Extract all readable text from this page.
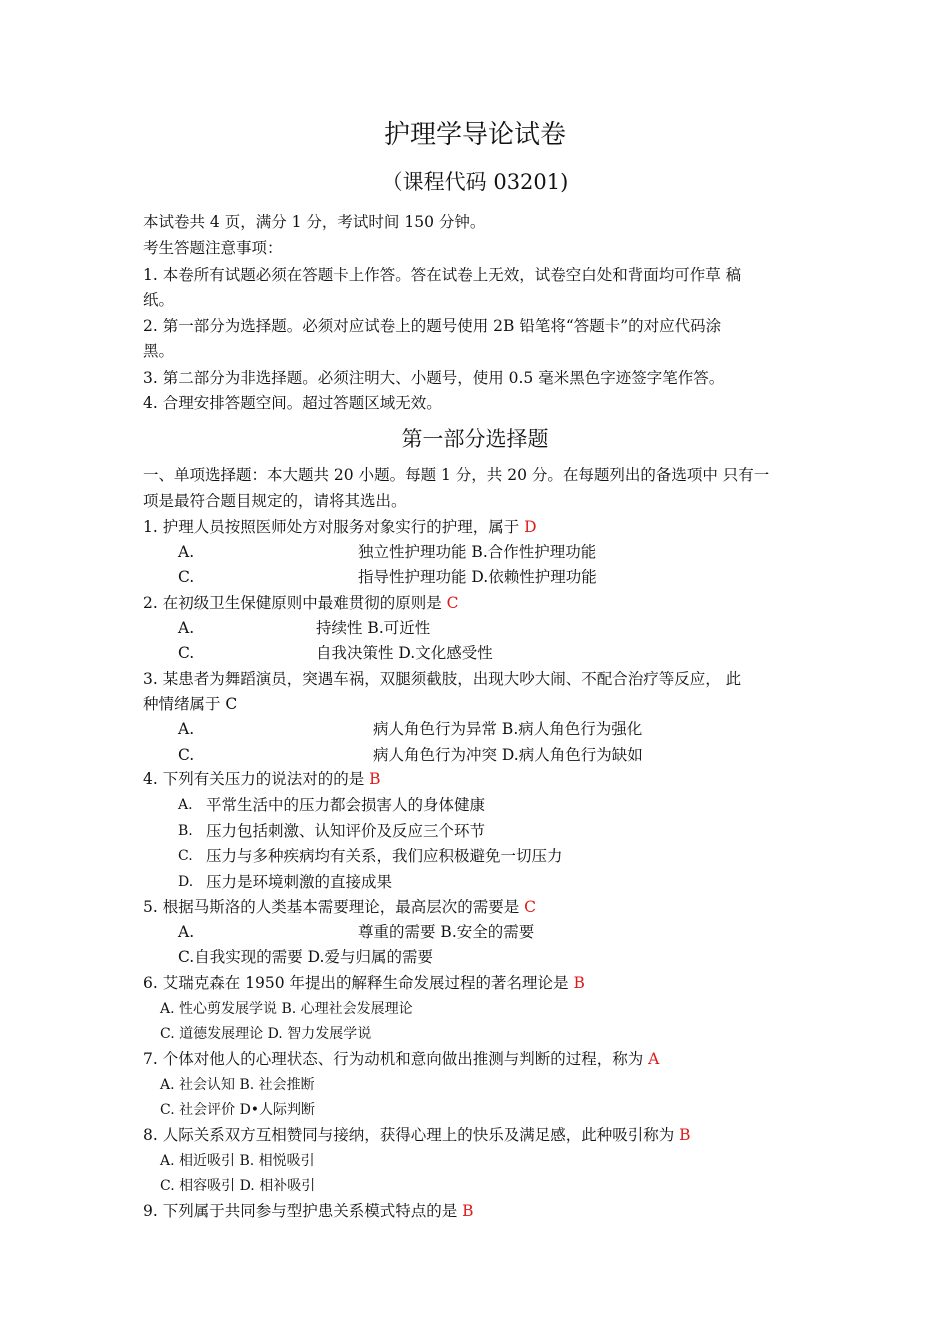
护理学导论试卷
（课程代码 03201)
本试卷共 4 页，满分 1 分，考试时间 150 分钟。
考生答题注意事项：
1. 本卷所有试题必须在答题卡上作答。答在试卷上无效，试卷空白处和背面均可作草 稿
纸。
2. 第一部分为选择题。必须对应试卷上的题号使用 2B 铅笔将“答题卡”的对应代码涂
黑。
3. 第二部分为非选择题。必须注明大、小题号，使用 0.5 毫米黑色字迹签字笔作答。
4. 合理安排答题空间。超过答题区域无效。
第一部分选择题
一、单项选择题：本大题共 20 小题。每题 1 分，共 20 分。在每题列出的备选项中 只有一
项是最符合题目规定的，请将其选出。
1. 护理人员按照医师处方对服务对象实行的护理，属于 D
A.	独立性护理功能 B.合作性护理功能
C.	指导性护理功能 D.依赖性护理功能
2. 在初级卫生保健原则中最难贯彻的原则是 C
A.	持续性 B.可近性
C.	自我决策性 D.文化感受性
3. 某患者为舞蹈演员，突遇车祸，双腿须截肢，出现大吵大闹、不配合治疗等反应， 此
种情绪属于 C
A.	病人角色行为异常 B.病人角色行为强化
C.	病人角色行为冲突 D.病人角色行为缺如
4. 下列有关压力的说法对的的是 B
A. 平常生活中的压力都会损害人的身体健康
B. 压力包括刺激、认知评价及反应三个环节
C. 压力与多种疾病均有关系，我们应积极避免一切压力
D. 压力是环境刺激的直接成果
5. 根据马斯洛的人类基本需要理论，最高层次的需要是 C
A.	尊重的需要 B.安全的需要
C.自我实现的需要 D.爱与归属的需要
6. 艾瑞克森在 1950 年提出的解释生命发展过程的著名理论是 B
A. 性心剪发展学说 B. 心理社会发展理论
C. 道德发展理论 D. 智力发展学说
7. 个体对他人的心理状态、行为动机和意向做出推测与判断的过程，称为 A
A. 社会认知 B. 社会推断
C. 社会评价 D•人际判断
8. 人际关系双方互相赞同与接纳，获得心理上的快乐及满足感，此种吸引称为 B
A. 相近吸引 B. 相悦吸引
C. 相容吸引 D. 相补吸引
9. 下列属于共同参与型护患关系模式特点的是 B
